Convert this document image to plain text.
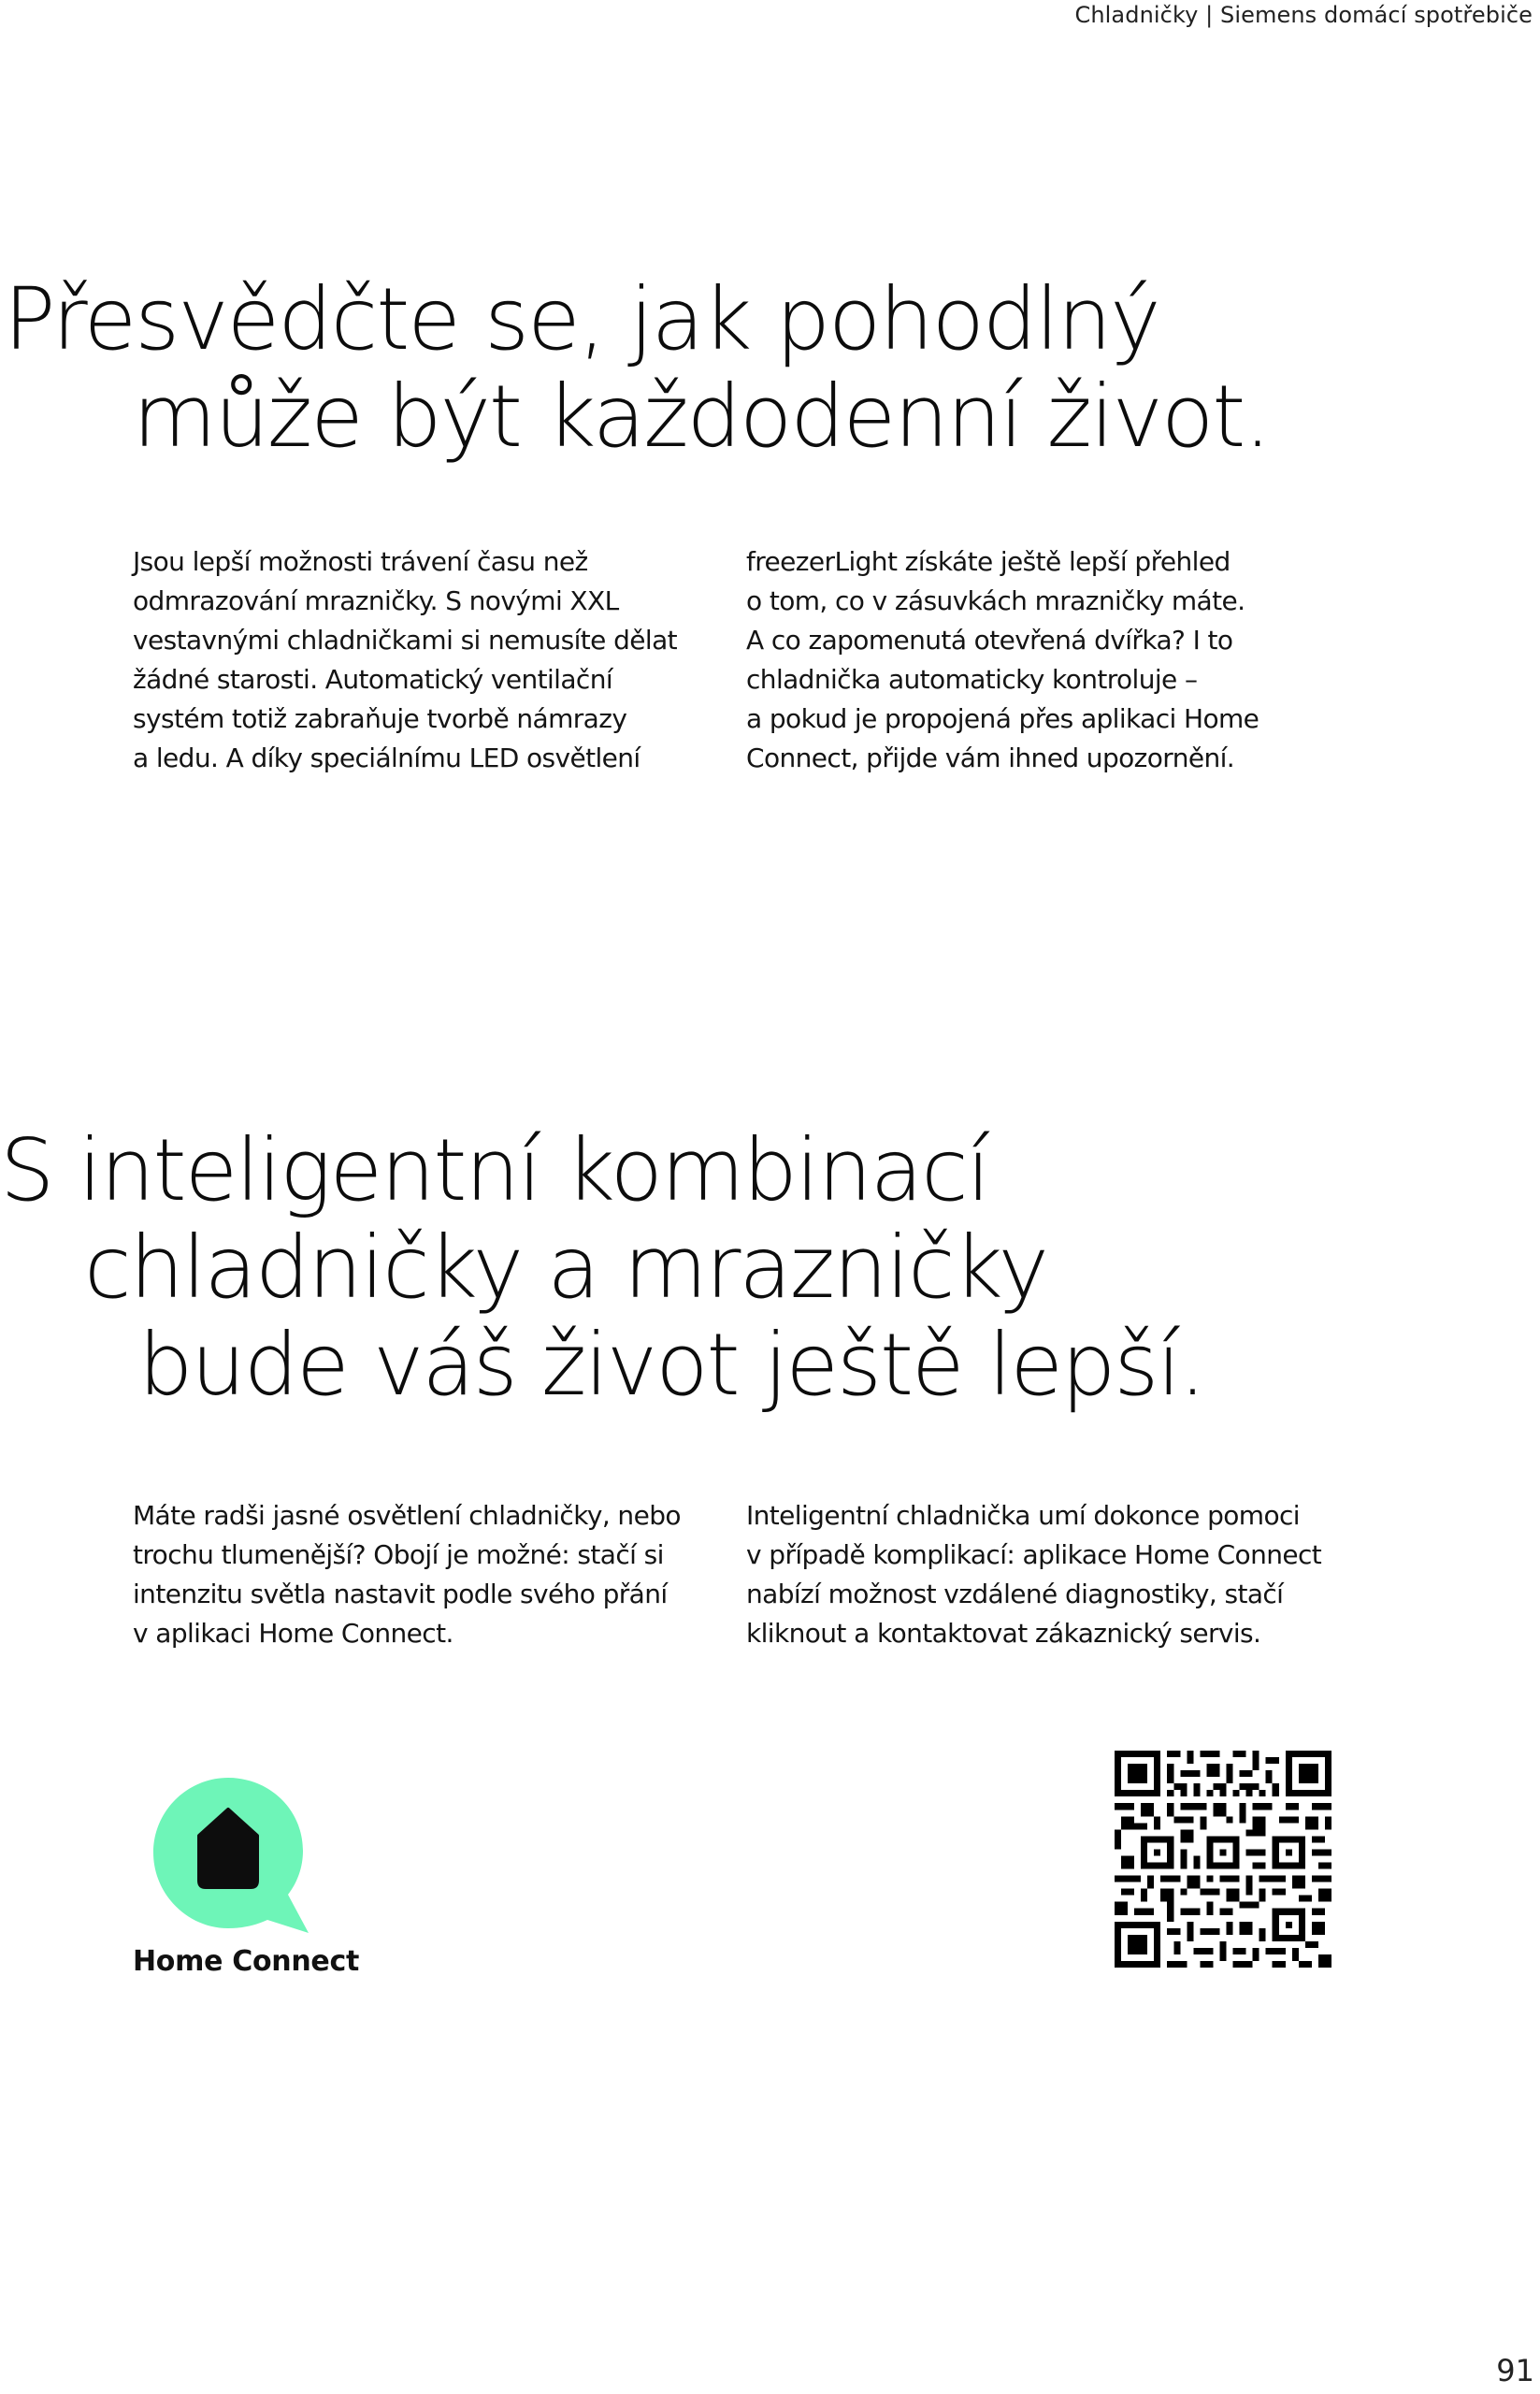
Chladničky | Siemens domácí spotřebiče
Přesvědčte se, jak pohodlný
může být každodenní život.
Jsou lepší možnosti trávení času než
odmrazování mrazničky. S novými XXL
vestavnými chladničkami si nemusíte dělat
žádné starosti. Automatický ventilační
systém totiž zabraňuje tvorbě námrazy
a ledu. A díky speciálnímu LED osvětlení
freezerLight získáte ještě lepší přehled
o tom, co v zásuvkách mrazničky máte.
A co zapomenutá otevřená dvířka? I to
chladnička automaticky kontroluje –
a pokud je propojená přes aplikaci Home
Connect, přijde vám ihned upozornění.
S inteligentní kombinací
chladničky a mrazničky
bude váš život ještě lepší.
Máte radši jasné osvětlení chladničky, nebo
trochu tlumenější? Obojí je možné: stačí si
intenzitu světla nastavit podle svého přání
v aplikaci Home Connect.
Inteligentní chladnička umí dokonce pomoci
v případě komplikací: aplikace Home Connect
nabízí možnost vzdálené diagnostiky, stačí
kliknout a kontaktovat zákaznický servis.
Home Connect
91
